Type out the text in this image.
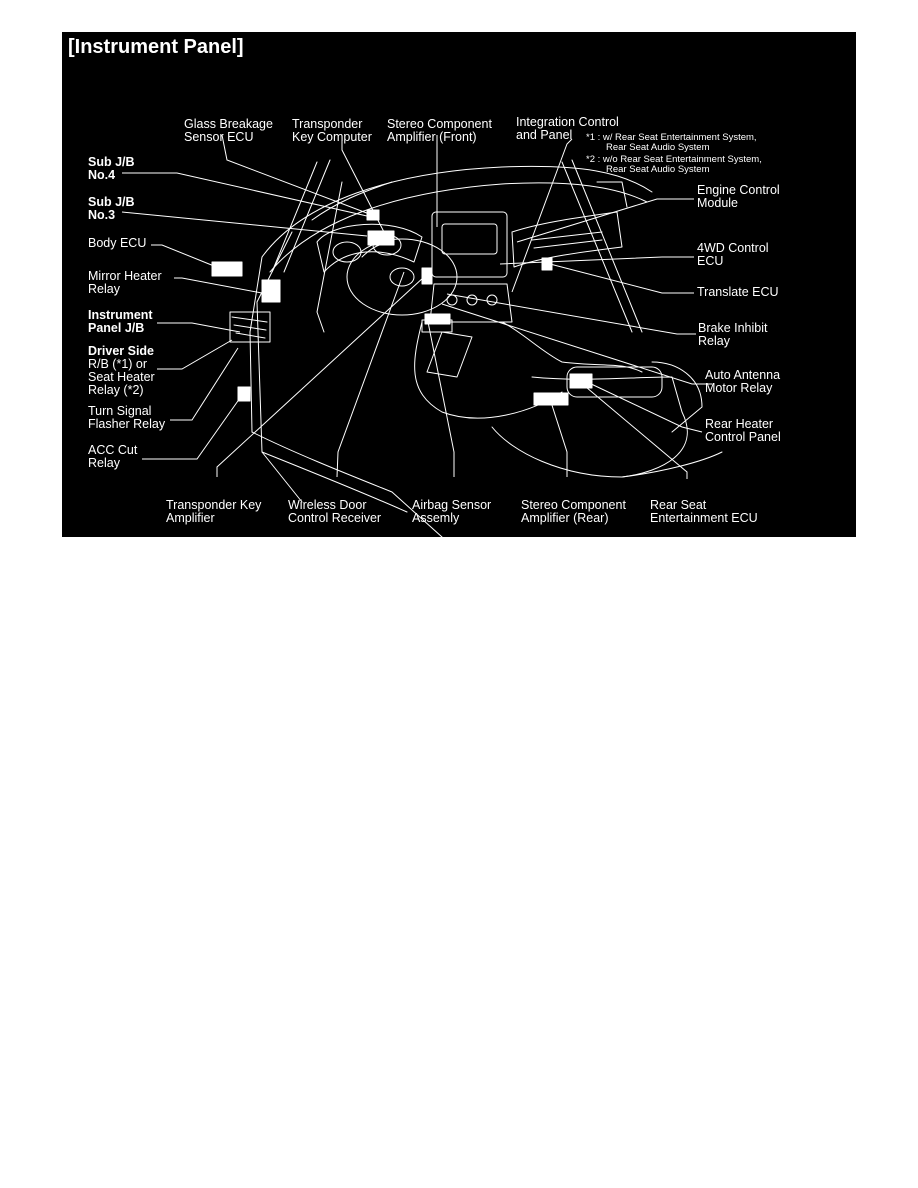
[Instrument Panel]
Sub J/B
No.4
Sub J/B
No.3
Body ECU
Mirror Heater
Relay
Instrument
Panel J/B
Driver Side
R/B (*1) or
Seat Heater
Relay (*2)
Turn Signal
Flasher Relay
ACC Cut
Relay
Glass Breakage
Sensor ECU
Transponder
Key Computer
Stereo Component
Amplifier (Front)
Integration Control
and Panel	*1 : w/ Rear Seat Entertainment System,
Rear Seat Audio System
*2 : w/o Rear Seat Entertainment System,
Rear Seat Audio System
Engine Control
Module
4WD Control
ECU
Translate ECU
Brake Inhibit
Relay
Auto Antenna
Motor Relay
Rear Heater
Control Panel
Transponder Key
Amplifier
Wireless Door
Control Receiver
Airbag Sensor
Assemly
Stereo Component
Amplifier (Rear)
Rear Seat
Entertainment ECU
